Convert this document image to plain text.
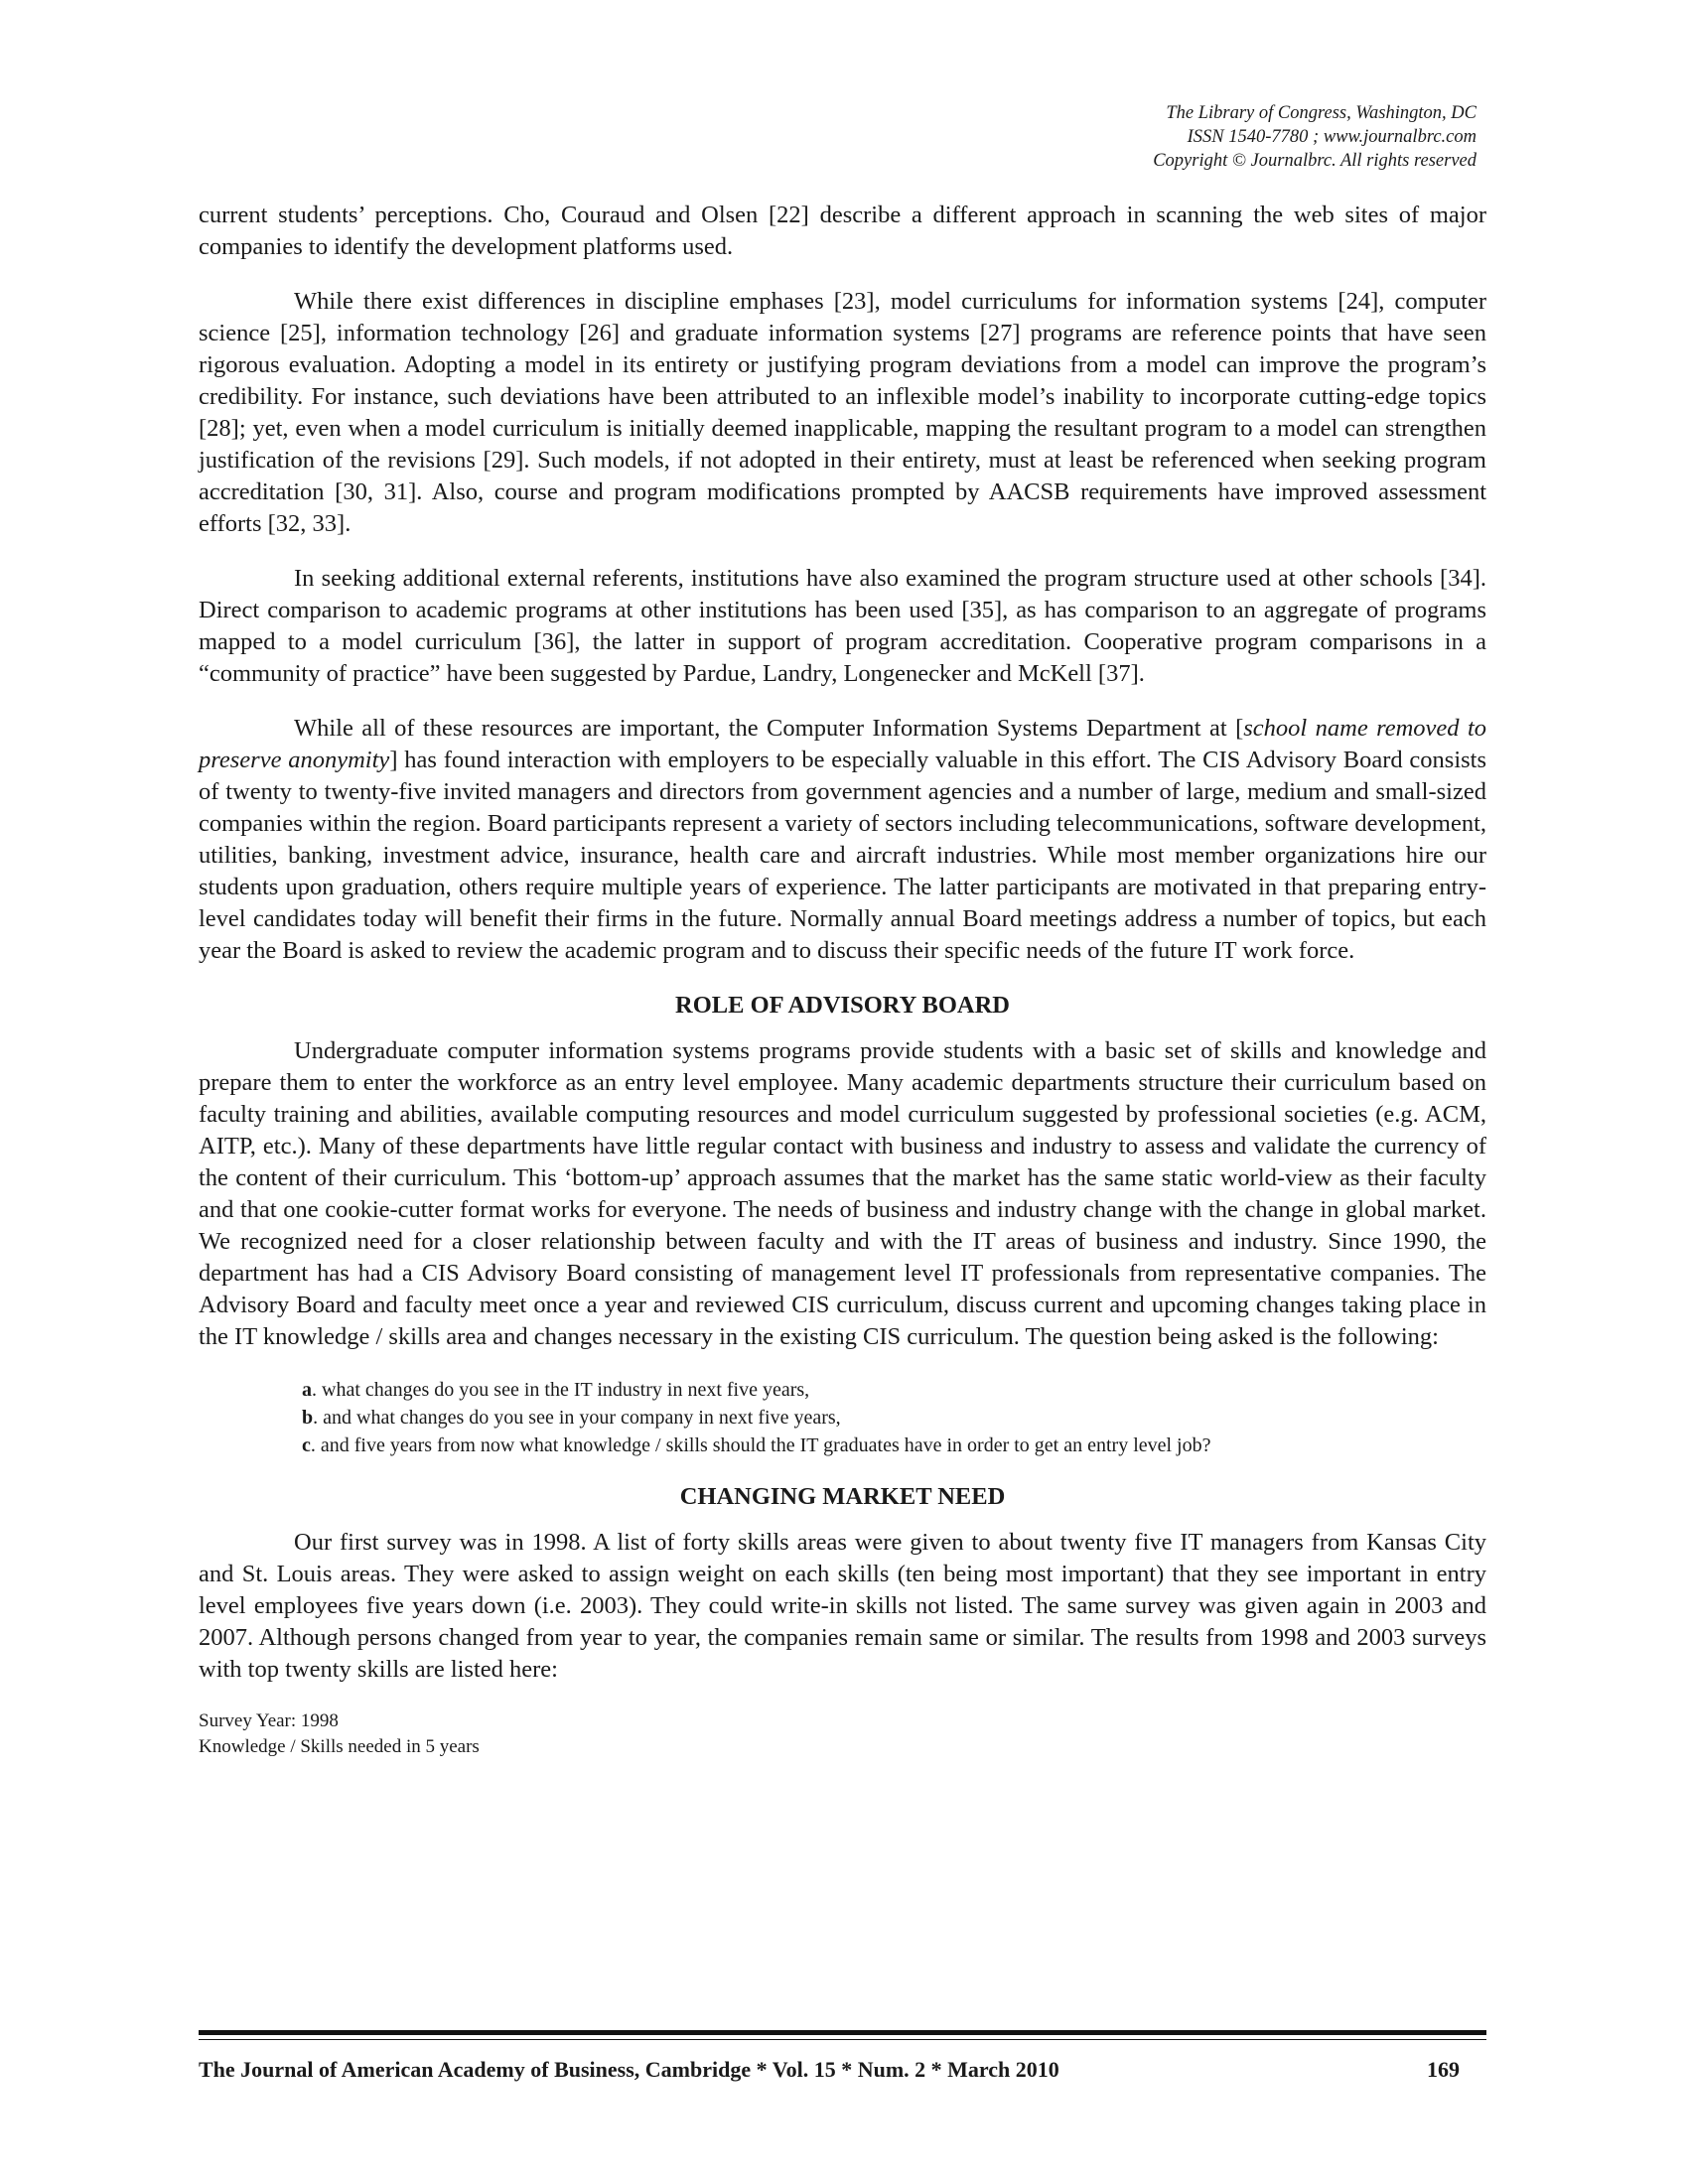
The Library of Congress, Washington, DC
ISSN 1540-7780 ; www.journalbrc.com
Copyright © Journalbrc. All rights reserved

current students’ perceptions. Cho, Couraud and Olsen [22] describe a different approach in scanning the web sites of major companies to identify the development platforms used.

While there exist differences in discipline emphases [23], model curriculums for information systems [24], computer science [25], information technology [26] and graduate information systems [27] programs are reference points that have seen rigorous evaluation. Adopting a model in its entirety or justifying program deviations from a model can improve the program’s credibility. For instance, such deviations have been attributed to an inflexible model’s inability to incorporate cutting-edge topics [28]; yet, even when a model curriculum is initially deemed inapplicable, mapping the resultant program to a model can strengthen justification of the revisions [29]. Such models, if not adopted in their entirety, must at least be referenced when seeking program accreditation [30, 31]. Also, course and program modifications prompted by AACSB requirements have improved assessment efforts [32, 33].

In seeking additional external referents, institutions have also examined the program structure used at other schools [34]. Direct comparison to academic programs at other institutions has been used [35], as has comparison to an aggregate of programs mapped to a model curriculum [36], the latter in support of program accreditation. Cooperative program comparisons in a “community of practice” have been suggested by Pardue, Landry, Longenecker and McKell [37].

While all of these resources are important, the Computer Information Systems Department at [school name removed to preserve anonymity] has found interaction with employers to be especially valuable in this effort. The CIS Advisory Board consists of twenty to twenty-five invited managers and directors from government agencies and a number of large, medium and small-sized companies within the region. Board participants represent a variety of sectors including telecommunications, software development, utilities, banking, investment advice, insurance, health care and aircraft industries. While most member organizations hire our students upon graduation, others require multiple years of experience. The latter participants are motivated in that preparing entry-level candidates today will benefit their firms in the future. Normally annual Board meetings address a number of topics, but each year the Board is asked to review the academic program and to discuss their specific needs of the future IT work force.

ROLE OF ADVISORY BOARD

Undergraduate computer information systems programs provide students with a basic set of skills and knowledge and prepare them to enter the workforce as an entry level employee. Many academic departments structure their curriculum based on faculty training and abilities, available computing resources and model curriculum suggested by professional societies (e.g. ACM, AITP, etc.). Many of these departments have little regular contact with business and industry to assess and validate the currency of the content of their curriculum. This ‘bottom-up’ approach assumes that the market has the same static world-view as their faculty and that one cookie-cutter format works for everyone. The needs of business and industry change with the change in global market. We recognized need for a closer relationship between faculty and with the IT areas of business and industry. Since 1990, the department has had a CIS Advisory Board consisting of management level IT professionals from representative companies. The Advisory Board and faculty meet once a year and reviewed CIS curriculum, discuss current and upcoming changes taking place in the IT knowledge / skills area and changes necessary in the existing CIS curriculum. The question being asked is the following:

a. what changes do you see in the IT industry in next five years,
b. and what changes do you see in your company in next five years,
c. and five years from now what knowledge / skills should the IT graduates have in order to get an entry level job?
CHANGING MARKET NEED

Our first survey was in 1998. A list of forty skills areas were given to about twenty five IT managers from Kansas City and St. Louis areas. They were asked to assign weight on each skills (ten being most important) that they see important in entry level employees five years down (i.e. 2003). They could write-in skills not listed. The same survey was given again in 2003 and 2007. Although persons changed from year to year, the companies remain same or similar. The results from 1998 and 2003 surveys with top twenty skills are listed here:

Survey Year: 1998
Knowledge / Skills needed in 5 years
The Journal of American Academy of Business, Cambridge * Vol. 15 * Num. 2 * March 2010	169
